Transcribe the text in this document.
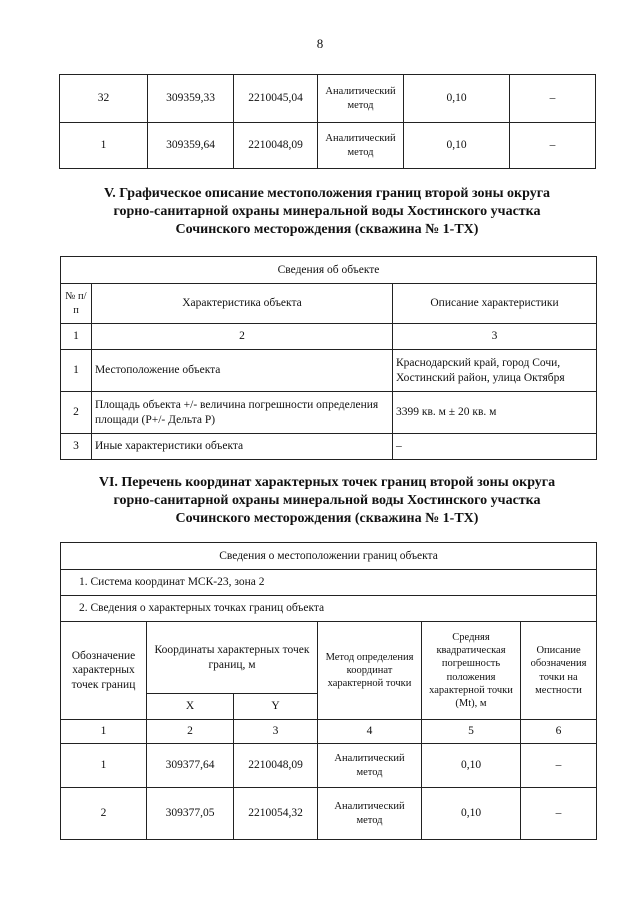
8
32	309359,33	2210045,04	Аналитический метод	0,10	–
1	309359,64	2210048,09	Аналитический метод	0,10	–
V. Графическое описание местоположения границ второй зоны округа
горно-санитарной охраны минеральной воды Хостинского участка
Сочинского месторождения (скважина № 1-ТХ)
Сведения об объекте		
№ п/п	Характеристика объекта	Описание характеристики
1	2	3
1	Местоположение объекта	Краснодарский край, город Сочи, Хостинский район, улица Октября
2	Площадь объекта +/- величина погрешности определения площади (Р+/- Дельта Р)	3399 кв. м ± 20 кв. м
3	Иные характеристики объекта	–
VI. Перечень координат характерных точек границ второй зоны округа
горно-санитарной охраны минеральной воды Хостинского участка
Сочинского месторождения (скважина № 1-ТХ)
Сведения о местоположении границ объекта					
1. Система координат МСК-23, зона 2					
2. Сведения о характерных точках границ объекта					
Обозначение характерных точек границ	Координаты характерных точек границ, м		Метод определения координат характерной точки	Средняя квадратическая погрешность положения характерной точки (Mt), м	Описание обозначения точки на местности
	X	Y			
1	2	3	4	5	6
1	309377,64	2210048,09	Аналитический метод	0,10	–
2	309377,05	2210054,32	Аналитический метод	0,10	–
